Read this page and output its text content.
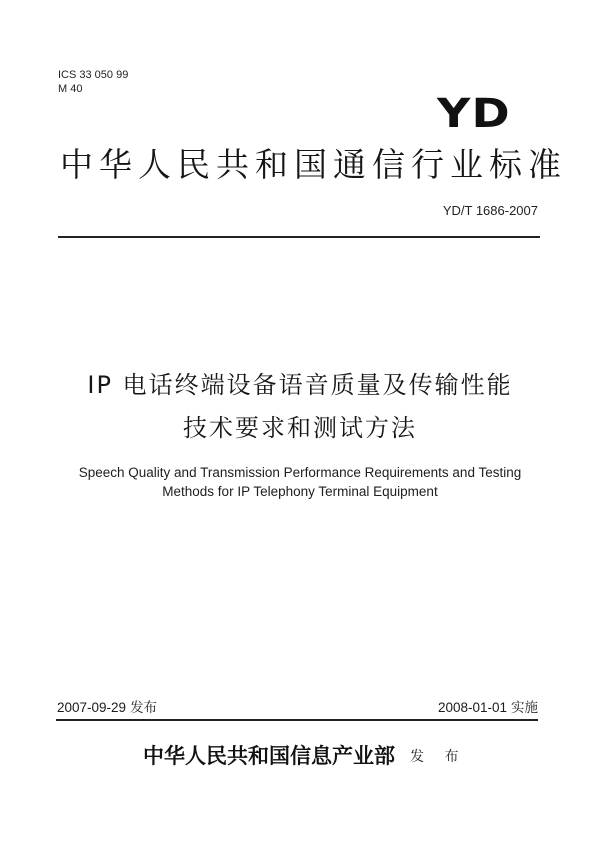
ICS 33 050 99
M 40
YD
中华人民共和国通信行业标准
YD/T 1686-2007
IP 电话终端设备语音质量及传输性能
技术要求和测试方法
Speech Quality and Transmission Performance Requirements and Testing
Methods for IP Telephony Terminal Equipment
2007-09-29 发布	2008-01-01 实施
中华人民共和国信息产业部 发 布
